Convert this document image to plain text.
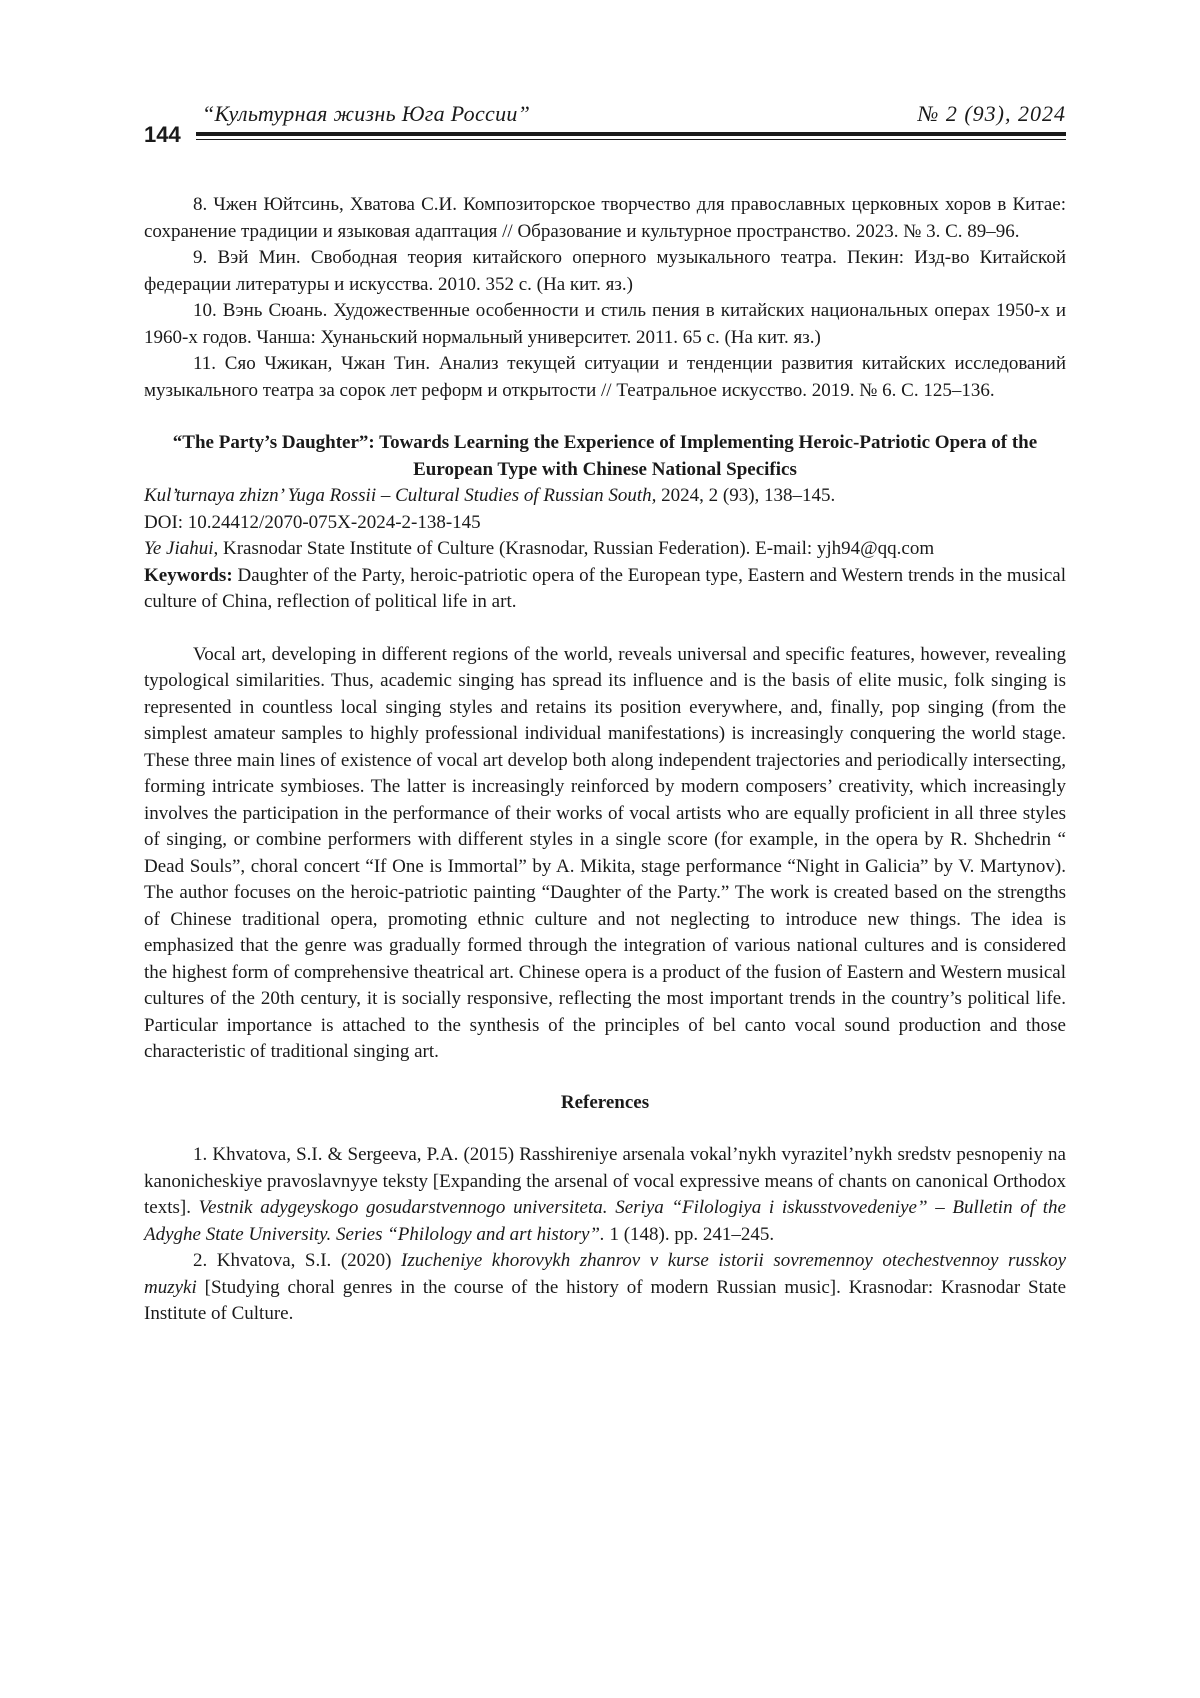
144
“Культурная жизнь Юга России”	№ 2 (93), 2024

8. Чжен Юйтсинь, Хватова С.И. Композиторское творчество для православных церковных хоров в Китае: сохранение традиции и языковая адаптация // Образование и культурное пространство. 2023. № 3. С. 89–96.

9. Вэй Мин. Свободная теория китайского оперного музыкального театра. Пекин: Изд-во Китайской федерации литературы и искусства. 2010. 352 с. (На кит. яз.)

10. Вэнь Сюань. Художественные особенности и стиль пения в китайских национальных операх 1950-х и 1960-х годов. Чанша: Хунаньский нормальный университет. 2011. 65 с. (На кит. яз.)

11. Сяо Чжикан, Чжан Тин. Анализ текущей ситуации и тенденции развития китайских исследований музыкального театра за сорок лет реформ и открытости // Театральное искусство. 2019. № 6. С. 125–136.

“The Party’s Daughter”: Towards Learning the Experience of Implementing Heroic-Patriotic Opera of the European Type with Chinese National Specifics

Kul’turnaya zhizn’ Yuga Rossii – Cultural Studies of Russian South, 2024, 2 (93), 138–145.

DOI: 10.24412/2070-075X-2024-2-138-145

Ye Jiahui, Krasnodar State Institute of Culture (Krasnodar, Russian Federation). E-mail: yjh94@qq.com

Keywords: Daughter of the Party, heroic-patriotic opera of the European type, Eastern and Western trends in the musical culture of China, reflection of political life in art.

Vocal art, developing in different regions of the world, reveals universal and specific features, however, revealing typological similarities. Thus, academic singing has spread its influence and is the basis of elite music, folk singing is represented in countless local singing styles and retains its position everywhere, and, finally, pop singing (from the simplest amateur samples to highly professional individual manifestations) is increasingly conquering the world stage. These three main lines of existence of vocal art develop both along independent trajectories and periodically intersecting, forming intricate symbioses. The latter is increasingly reinforced by modern composers’ creativity, which increasingly involves the participation in the performance of their works of vocal artists who are equally proficient in all three styles of singing, or combine performers with different styles in a single score (for example, in the opera by R. Shchedrin “ Dead Souls”, choral concert “If One is Immortal” by A. Mikita, stage performance “Night in Galicia” by V. Martynov). The author focuses on the heroic-patriotic painting “Daughter of the Party.” The work is created based on the strengths of Chinese traditional opera, promoting ethnic culture and not neglecting to introduce new things. The idea is emphasized that the genre was gradually formed through the integration of various national cultures and is considered the highest form of comprehensive theatrical art. Chinese opera is a product of the fusion of Eastern and Western musical cultures of the 20th century, it is socially responsive, reflecting the most important trends in the country’s political life. Particular importance is attached to the synthesis of the principles of bel canto vocal sound production and those characteristic of traditional singing art.

References

1. Khvatova, S.I. & Sergeeva, P.A. (2015) Rasshireniye arsenala vokal’nykh vyrazitel’nykh sredstv pesnopeniy na kanonicheskiye pravoslavnyye teksty [Expanding the arsenal of vocal expressive means of chants on canonical Orthodox texts]. Vestnik adygeyskogo gosudarstvennogo universiteta. Seriya “Filologiya i iskusstvovedeniye” – Bulletin of the Adyghe State University. Series “Philology and art history”. 1 (148). pp. 241–245.

2. Khvatova, S.I. (2020) Izucheniye khorovykh zhanrov v kurse istorii sovremennoy otechestvennoy russkoy muzyki [Studying choral genres in the course of the history of modern Russian music]. Krasnodar: Krasnodar State Institute of Culture.
